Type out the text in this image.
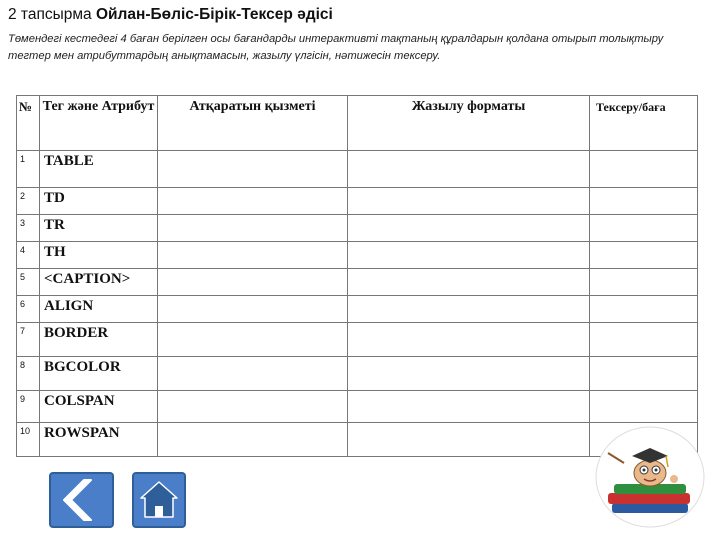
2 тапсырма Ойлан-Бөліс-Бірік-Тексер әдісі
Төмендегі кестедегі 4 баған берілген осы бағандарды интерактивті тақтаның құралдарын қолдана отырып толықтыру тегтер мен атрибуттардың анықтамасын, жазылу үлгісін, нәтижесін тексеру.
№	Тег және Атрибут	Атқаратын қызметі	Жазылу форматы	Тексеру/баға
1	TABLE			
2	TD			
3	TR			
4	TH			
5	<CAPTION>			
6	ALIGN			
7	BORDER			
8	BGCOLOR			
9	COLSPAN			
10	ROWSPAN			
